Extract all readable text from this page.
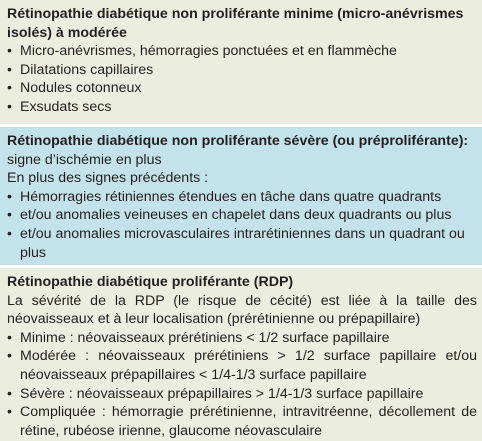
Rétinopathie diabétique non proliférante minime (micro-anévrismes isolés) à modérée
• Micro-anévrismes, hémorragies ponctuées et en flammèche
• Dilatations capillaires
• Nodules cotonneux
• Exsudats secs
Rétinopathie diabétique non proliférante sévère (ou préproliférante): signe d’ischémie en plus

En plus des signes précédents :

• Hémorragies rétiniennes étendues en tâche dans quatre quadrants
• et/ou anomalies veineuses en chapelet dans deux quadrants ou plus
• et/ou anomalies microvasculaires intrarétiniennes dans un quadrant ou plus
Rétinopathie diabétique proliférante (RDP)

La sévérité de la RDP (le risque de cécité) est liée à la taille des néovaisseaux et à leur localisation (prérétinienne ou prépapillaire)

• Minime : néovaisseaux prérétiniens < 1/2 surface papillaire
• Modérée : néovaisseaux prérétiniens > 1/2 surface papillaire et/ou néovaisseaux prépapillaires < 1/4-1/3 surface papillaire
• Sévère : néovaisseaux prépapillaires > 1/4-1/3 surface papillaire
• Compliquée : hémorragie prérétinienne, intravitréenne, décollement de rétine, rubéose irienne, glaucome néovasculaire
